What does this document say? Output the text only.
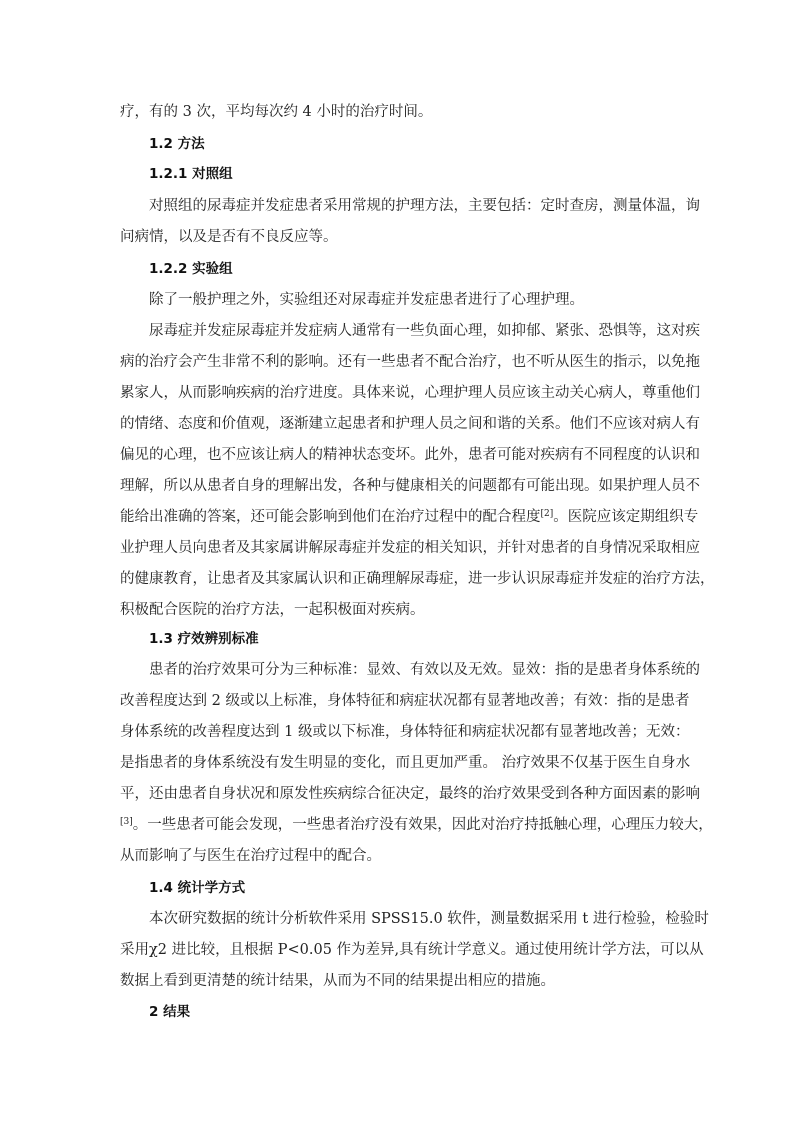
疗，有的 3 次，平均每次约 4 小时的治疗时间。
1.2 方法
1.2.1 对照组
对照组的尿毒症并发症患者采用常规的护理方法，主要包括：定时查房，测量体温，询
问病情，以及是否有不良反应等。
1.2.2 实验组
除了一般护理之外，实验组还对尿毒症并发症患者进行了心理护理。
尿毒症并发症尿毒症并发症病人通常有一些负面心理，如抑郁、紧张、恐惧等，这对疾
病的治疗会产生非常不利的影响。还有一些患者不配合治疗，也不听从医生的指示，以免拖
累家人，从而影响疾病的治疗进度。具体来说，心理护理人员应该主动关心病人，尊重他们
的情绪、态度和价值观，逐渐建立起患者和护理人员之间和谐的关系。他们不应该对病人有
偏见的心理，也不应该让病人的精神状态变坏。此外，患者可能对疾病有不同程度的认识和
理解，所以从患者自身的理解出发，各种与健康相关的问题都有可能出现。如果护理人员不
能给出准确的答案，还可能会影响到他们在治疗过程中的配合程度[2]。医院应该定期组织专
业护理人员向患者及其家属讲解尿毒症并发症的相关知识，并针对患者的自身情况采取相应
的健康教育，让患者及其家属认识和正确理解尿毒症，进一步认识尿毒症并发症的治疗方法，
积极配合医院的治疗方法，一起积极面对疾病。
1.3 疗效辨别标准
患者的治疗效果可分为三种标准：显效、有效以及无效。显效：指的是患者身体系统的
改善程度达到 2 级或以上标准，身体特征和病症状况都有显著地改善；有效：指的是患者
身体系统的改善程度达到 1 级或以下标准，身体特征和病症状况都有显著地改善；无效：
是指患者的身体系统没有发生明显的变化，而且更加严重。 治疗效果不仅基于医生自身水
平，还由患者自身状况和原发性疾病综合征决定，最终的治疗效果受到各种方面因素的影响
[3]。一些患者可能会发现，一些患者治疗没有效果，因此对治疗持抵触心理，心理压力较大，
从而影响了与医生在治疗过程中的配合。
1.4 统计学方式
本次研究数据的统计分析软件采用 SPSS15.0 软件，测量数据采用 t 进行检验，检验时
采用χ2 进比较，且根据 P<0.05 作为差异,具有统计学意义。通过使用统计学方法，可以从
数据上看到更清楚的统计结果，从而为不同的结果提出相应的措施。
2 结果
